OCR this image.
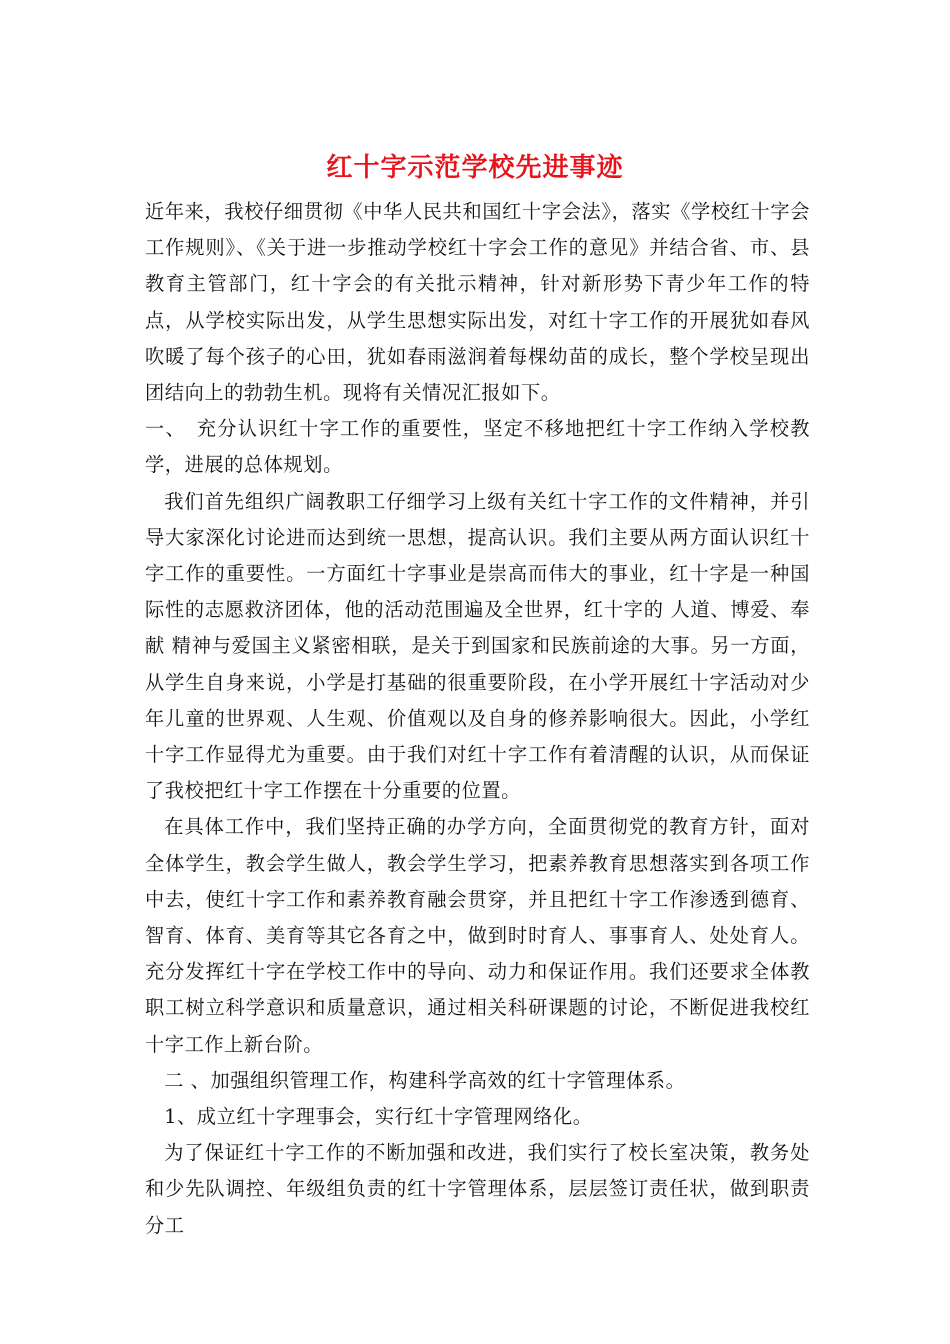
红十字示范学校先进事迹

近年来，我校仔细贯彻《中华人民共和国红十字会法》，落实《学校红十字会工作规则》、《关于进一步推动学校红十字会工作的意见》并结合省、市、县教育主管部门，红十字会的有关批示精神，针对新形势下青少年工作的特点，从学校实际出发，从学生思想实际出发，对红十字工作的开展犹如春风吹暖了每个孩子的心田，犹如春雨滋润着每棵幼苗的成长，整个学校呈现出团结向上的勃勃生机。现将有关情况汇报如下。

一、　充分认识红十字工作的重要性，坚定不移地把红十字工作纳入学校教学，进展的总体规划。

我们首先组织广阔教职工仔细学习上级有关红十字工作的文件精神，并引导大家深化讨论进而达到统一思想，提高认识。我们主要从两方面认识红十字工作的重要性。一方面红十字事业是崇高而伟大的事业，红十字是一种国际性的志愿救济团体，他的活动范围遍及全世界，红十字的 人道、博爱、奉献 精神与爱国主义紧密相联，是关于到国家和民族前途的大事。另一方面，从学生自身来说，小学是打基础的很重要阶段，在小学开展红十字活动对少年儿童的世界观、人生观、价值观以及自身的修养影响很大。因此，小学红十字工作显得尤为重要。由于我们对红十字工作有着清醒的认识，从而保证了我校把红十字工作摆在十分重要的位置。

在具体工作中，我们坚持正确的办学方向，全面贯彻党的教育方针，面对全体学生，教会学生做人，教会学生学习，把素养教育思想落实到各项工作中去，使红十字工作和素养教育融会贯穿，并且把红十字工作渗透到德育、智育、体育、美育等其它各育之中，做到时时育人、事事育人、处处育人。充分发挥红十字在学校工作中的导向、动力和保证作用。我们还要求全体教职工树立科学意识和质量意识，通过相关科研课题的讨论，不断促进我校红十字工作上新台阶。

二 、加强组织管理工作，构建科学高效的红十字管理体系。

1、成立红十字理事会，实行红十字管理网络化。

为了保证红十字工作的不断加强和改进，我们实行了校长室决策，教务处和少先队调控、年级组负责的红十字管理体系，层层签订责任状，做到职责分工
